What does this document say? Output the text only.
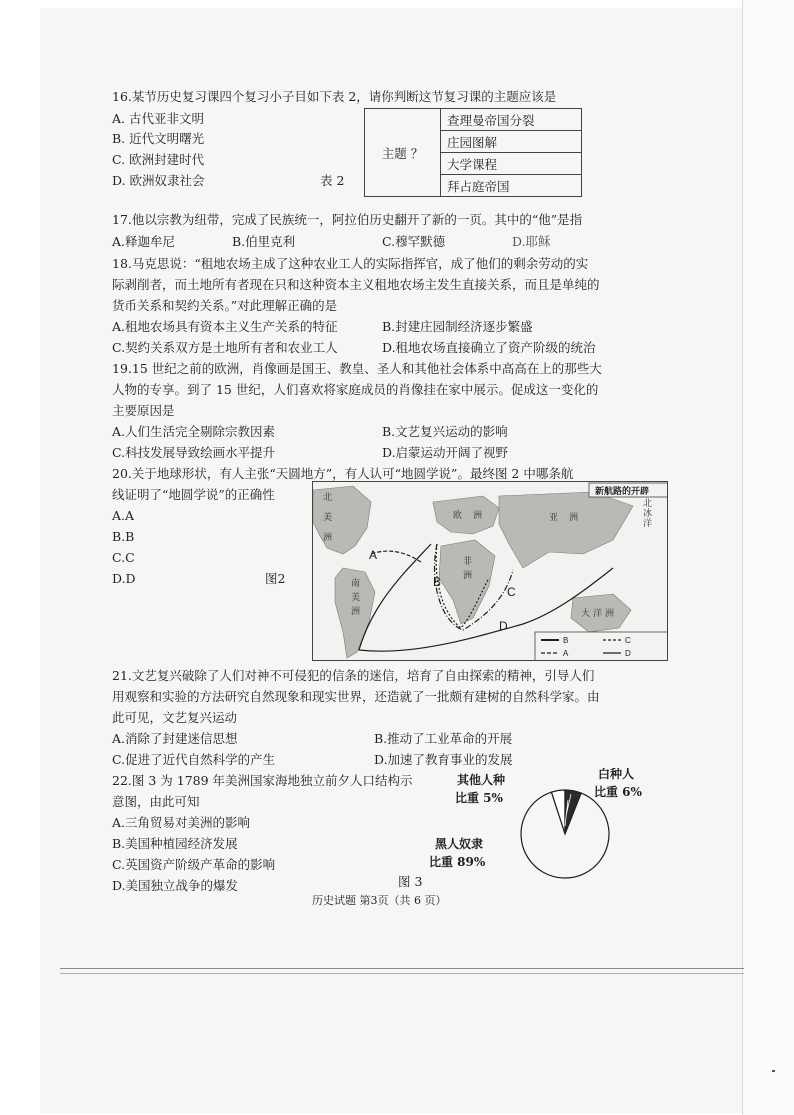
16.某节历史复习课四个复习小子目如下表 2，请你判断这节复习课的主题应该是
A. 古代亚非文明
B. 近代文明曙光
C. 欧洲封建时代
D. 欧洲奴隶社会	表 2
主题 ？	查理曼帝国分裂
庄园图解
大学课程
拜占庭帝国
17.他以宗教为纽带，完成了民族统一，阿拉伯历史翻开了新的一页。其中的“他”是指
A.释迦牟尼	B.伯里克利	C.穆罕默德	D.耶稣
18.马克思说：“租地农场主成了这种农业工人的实际指挥官，成了他们的剩余劳动的实
际剥削者，而土地所有者现在只和这种资本主义租地农场主发生直接关系，而且是单纯的
货币关系和契约关系。”对此理解正确的是
A.租地农场具有资本主义生产关系的特征	B.封建庄园制经济逐步繁盛
C.契约关系双方是土地所有者和农业工人	D.租地农场直接确立了资产阶级的统治
19.15 世纪之前的欧洲，肖像画是国王、教皇、圣人和其他社会体系中高高在上的那些大
人物的专享。到了 15 世纪，人们喜欢将家庭成员的肖像挂在家中展示。促成这一变化的
主要原因是
A.人们生活完全剔除宗教因素	B.文艺复兴运动的影响
C.科技发展导致绘画水平提升	D.启蒙运动开阔了视野
20.关于地球形状，有人主张“天圆地方”，有人认可“地圆学说”。最终图 2 中哪条航
线证明了“地圆学说”的正确性
A.A
B.B
C.C
D.D	图2
A
B
C
D
北
美
洲
欧 洲	亚 洲
非
洲
南
美
洲	大 洋 洲
北
冰
洋
新航路的开辟
B	C
A	D
21.文艺复兴破除了人们对神不可侵犯的信条的迷信，培育了自由探索的精神，引导人们
用观察和实验的方法研究自然现象和现实世界，还造就了一批颇有建树的自然科学家。由
此可见，文艺复兴运动
A.消除了封建迷信思想	B.推动了工业革命的开展
C.促进了近代自然科学的产生	D.加速了教育事业的发展
22.图 3 为 1789 年美洲国家海地独立前夕人口结构示
意图，由此可知
A.三角贸易对美洲的影响
B.美国种植园经济发展
C.英国资产阶级产革命的影响
D.美国独立战争的爆发	图 3
其他人种
比重 5%
白种人
比重 6%
黑人奴隶
比重 89%
历史试题 第3页（共 6 页）
